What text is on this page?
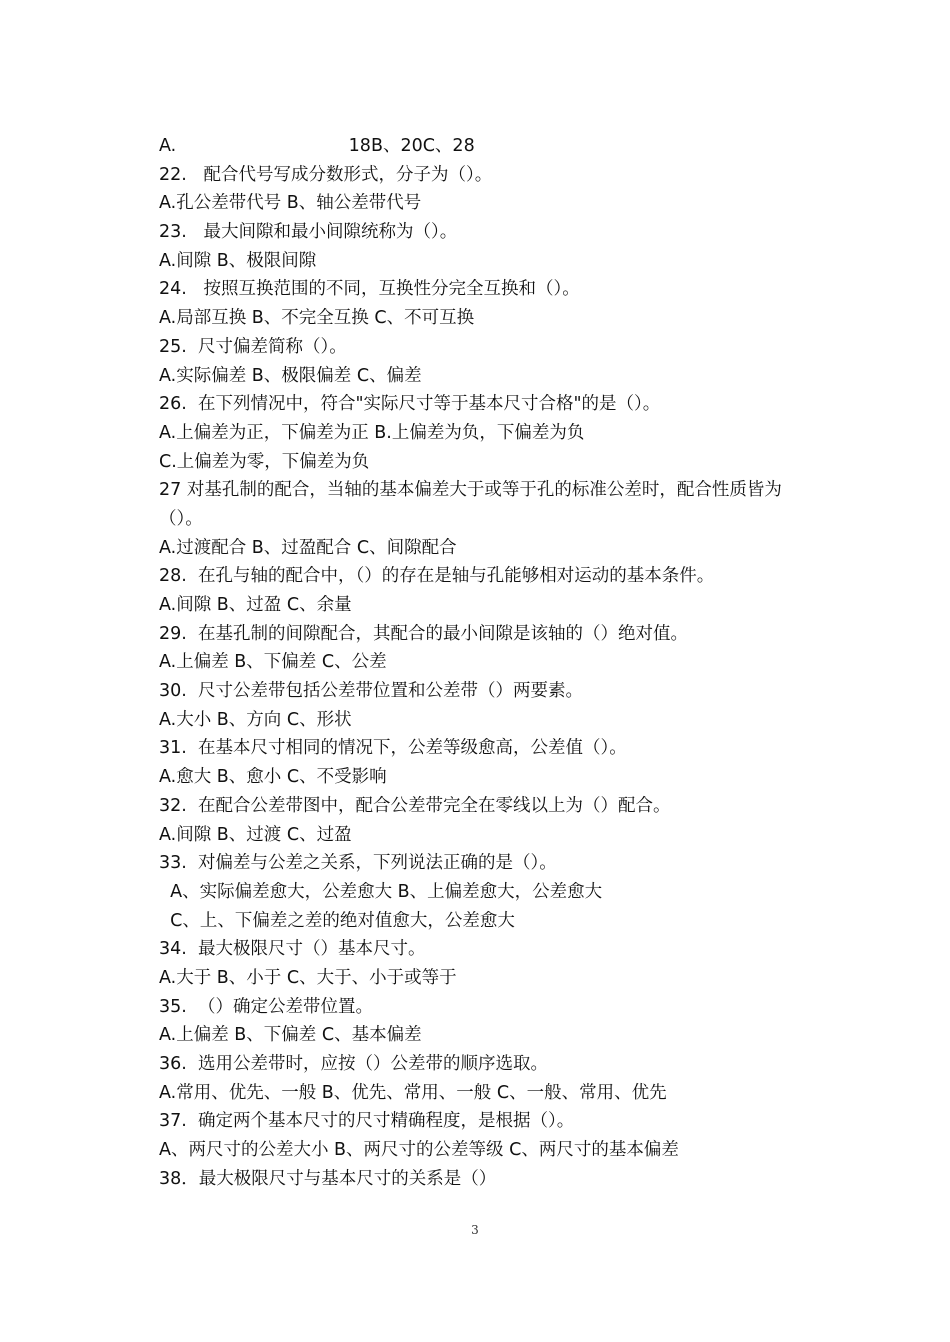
A.                               18B、20C、28
22.   配合代号写成分数形式，分子为（）。
A.孔公差带代号 B、轴公差带代号
23.   最大间隙和最小间隙统称为（）。
A.间隙 B、极限间隙
24.   按照互换范围的不同，互换性分完全互换和（）。
A.局部互换 B、不完全互换 C、不可互换
25.  尺寸偏差简称（）。
A.实际偏差 B、极限偏差 C、偏差
26.  在下列情况中，符合"实际尺寸等于基本尺寸合格"的是（）。
A.上偏差为正，下偏差为正 B.上偏差为负，下偏差为负
C.上偏差为零，下偏差为负
27 对基孔制的配合，当轴的基本偏差大于或等于孔的标准公差时，配合性质皆为（）。
A.过渡配合 B、过盈配合 C、间隙配合
28.  在孔与轴的配合中，（）的存在是轴与孔能够相对运动的基本条件。
A.间隙 B、过盈 C、余量
29.  在基孔制的间隙配合，其配合的最小间隙是该轴的（）绝对值。
A.上偏差 B、下偏差 C、公差
30.  尺寸公差带包括公差带位置和公差带（）两要素。
A.大小 B、方向 C、形状
31.  在基本尺寸相同的情况下，公差等级愈高，公差值（）。
A.愈大 B、愈小 C、不受影响
32.  在配合公差带图中，配合公差带完全在零线以上为（）配合。
A.间隙 B、过渡 C、过盈
33.  对偏差与公差之关系，下列说法正确的是（）。
A、实际偏差愈大，公差愈大 B、上偏差愈大，公差愈大
C、上、下偏差之差的绝对值愈大，公差愈大
34.  最大极限尺寸（）基本尺寸。
A.大于 B、小于 C、大于、小于或等于
35.  （）确定公差带位置。
A.上偏差 B、下偏差 C、基本偏差
36.  选用公差带时，应按（）公差带的顺序选取。
A.常用、优先、一般 B、优先、常用、一般 C、一般、常用、优先
37.  确定两个基本尺寸的尺寸精确程度，是根据（）。
A、两尺寸的公差大小 B、两尺寸的公差等级 C、两尺寸的基本偏差
38．最大极限尺寸与基本尺寸的关系是（）
3
